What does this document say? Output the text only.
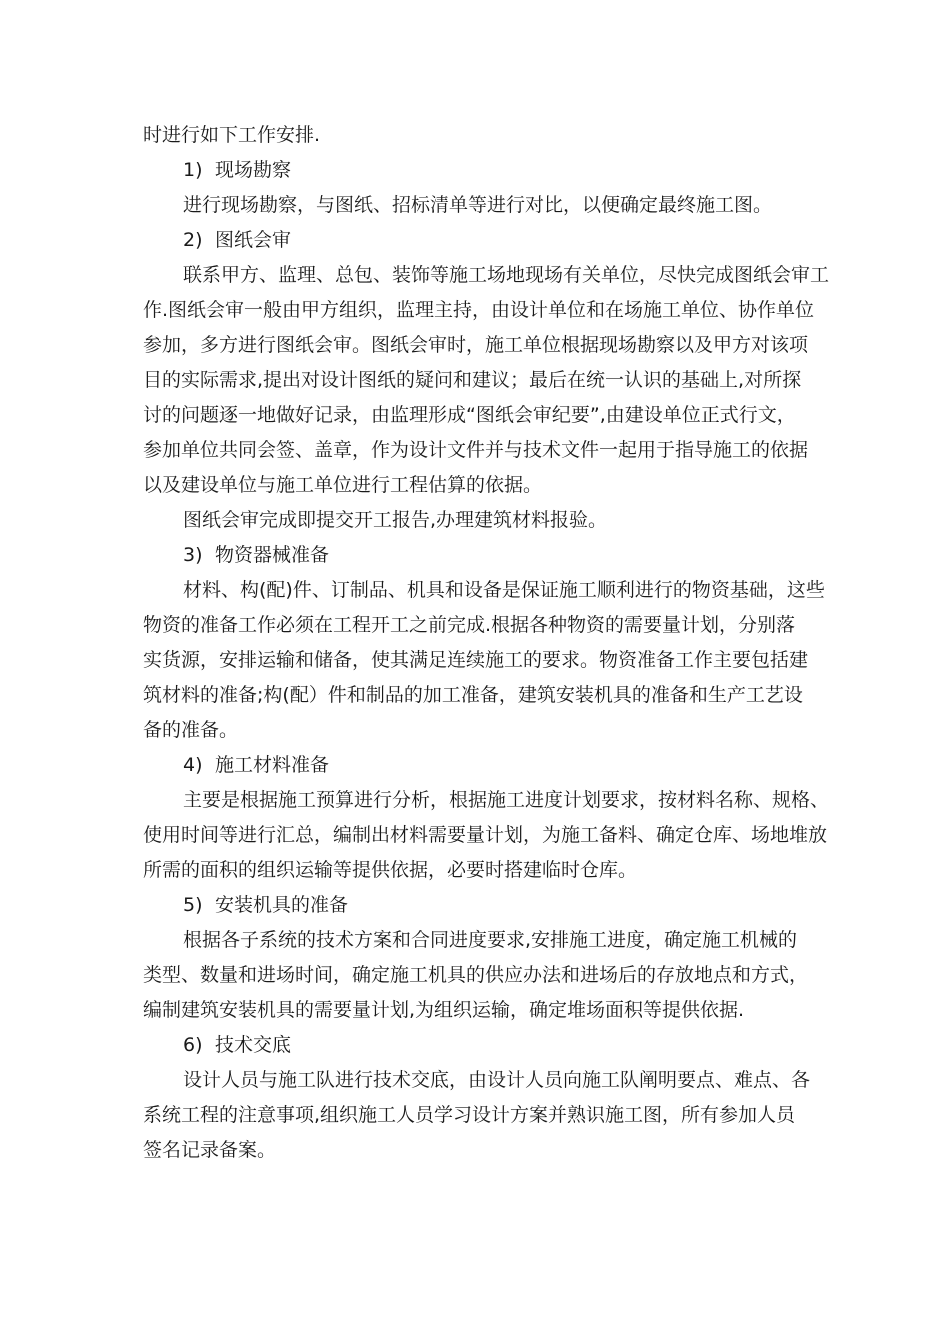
时进行如下工作安排.
1) 现场勘察
进行现场勘察，与图纸、招标清单等进行对比，以便确定最终施工图。
2) 图纸会审
联系甲方、监理、总包、装饰等施工场地现场有关单位，尽快完成图纸会审工
作.图纸会审一般由甲方组织，监理主持，由设计单位和在场施工单位、协作单位
参加，多方进行图纸会审。图纸会审时，施工单位根据现场勘察以及甲方对该项
目的实际需求,提出对设计图纸的疑问和建议；最后在统一认识的基础上,对所探
讨的问题逐一地做好记录，由监理形成“图纸会审纪要”,由建设单位正式行文，
参加单位共同会签、盖章，作为设计文件并与技术文件一起用于指导施工的依据
以及建设单位与施工单位进行工程估算的依据。
图纸会审完成即提交开工报告,办理建筑材料报验。
3) 物资器械准备
材料、构(配)件、订制品、机具和设备是保证施工顺利进行的物资基础，这些
物资的准备工作必须在工程开工之前完成.根据各种物资的需要量计划，分别落
实货源，安排运输和储备，使其满足连续施工的要求。物资准备工作主要包括建
筑材料的准备;构(配）件和制品的加工准备，建筑安装机具的准备和生产工艺设
备的准备。
4) 施工材料准备
主要是根据施工预算进行分析，根据施工进度计划要求，按材料名称、规格、
使用时间等进行汇总，编制出材料需要量计划，为施工备料、确定仓库、场地堆放
所需的面积的组织运输等提供依据，必要时搭建临时仓库。
5) 安装机具的准备
根据各子系统的技术方案和合同进度要求,安排施工进度，确定施工机械的
类型、数量和进场时间，确定施工机具的供应办法和进场后的存放地点和方式，
编制建筑安装机具的需要量计划,为组织运输，确定堆场面积等提供依据.
6) 技术交底
设计人员与施工队进行技术交底，由设计人员向施工队阐明要点、难点、各
系统工程的注意事项,组织施工人员学习设计方案并熟识施工图，所有参加人员
签名记录备案。
